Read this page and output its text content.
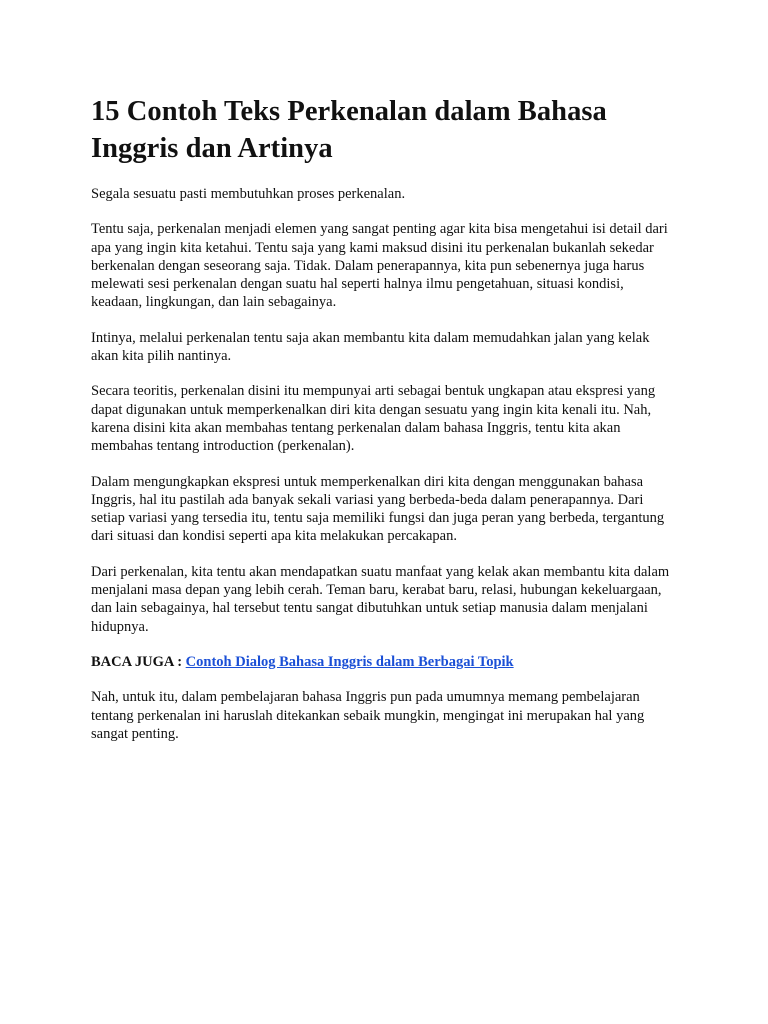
15 Contoh Teks Perkenalan dalam Bahasa Inggris dan Artinya

Segala sesuatu pasti membutuhkan proses perkenalan.

Tentu saja, perkenalan menjadi elemen yang sangat penting agar kita bisa mengetahui isi detail dari apa yang ingin kita ketahui. Tentu saja yang kami maksud disini itu perkenalan bukanlah sekedar berkenalan dengan seseorang saja. Tidak. Dalam penerapannya, kita pun sebenernya juga harus melewati sesi perkenalan dengan suatu hal seperti halnya ilmu pengetahuan, situasi kondisi, keadaan, lingkungan, dan lain sebagainya.

Intinya, melalui perkenalan tentu saja akan membantu kita dalam memudahkan jalan yang kelak akan kita pilih nantinya.

Secara teoritis, perkenalan disini itu mempunyai arti sebagai bentuk ungkapan atau ekspresi yang dapat digunakan untuk memperkenalkan diri kita dengan sesuatu yang ingin kita kenali itu. Nah, karena disini kita akan membahas tentang perkenalan dalam bahasa Inggris, tentu kita akan membahas tentang introduction (perkenalan).

Dalam mengungkapkan ekspresi untuk memperkenalkan diri kita dengan menggunakan bahasa Inggris, hal itu pastilah ada banyak sekali variasi yang berbeda-beda dalam penerapannya. Dari setiap variasi yang tersedia itu, tentu saja memiliki fungsi dan juga peran yang berbeda, tergantung dari situasi dan kondisi seperti apa kita melakukan percakapan.

Dari perkenalan, kita tentu akan mendapatkan suatu manfaat yang kelak akan membantu kita dalam menjalani masa depan yang lebih cerah. Teman baru, kerabat baru, relasi, hubungan kekeluargaan, dan lain sebagainya, hal tersebut tentu sangat dibutuhkan untuk setiap manusia dalam menjalani hidupnya.

BACA JUGA : Contoh Dialog Bahasa Inggris dalam Berbagai Topik

Nah, untuk itu, dalam pembelajaran bahasa Inggris pun pada umumnya memang pembelajaran tentang perkenalan ini haruslah ditekankan sebaik mungkin, mengingat ini merupakan hal yang sangat penting.
